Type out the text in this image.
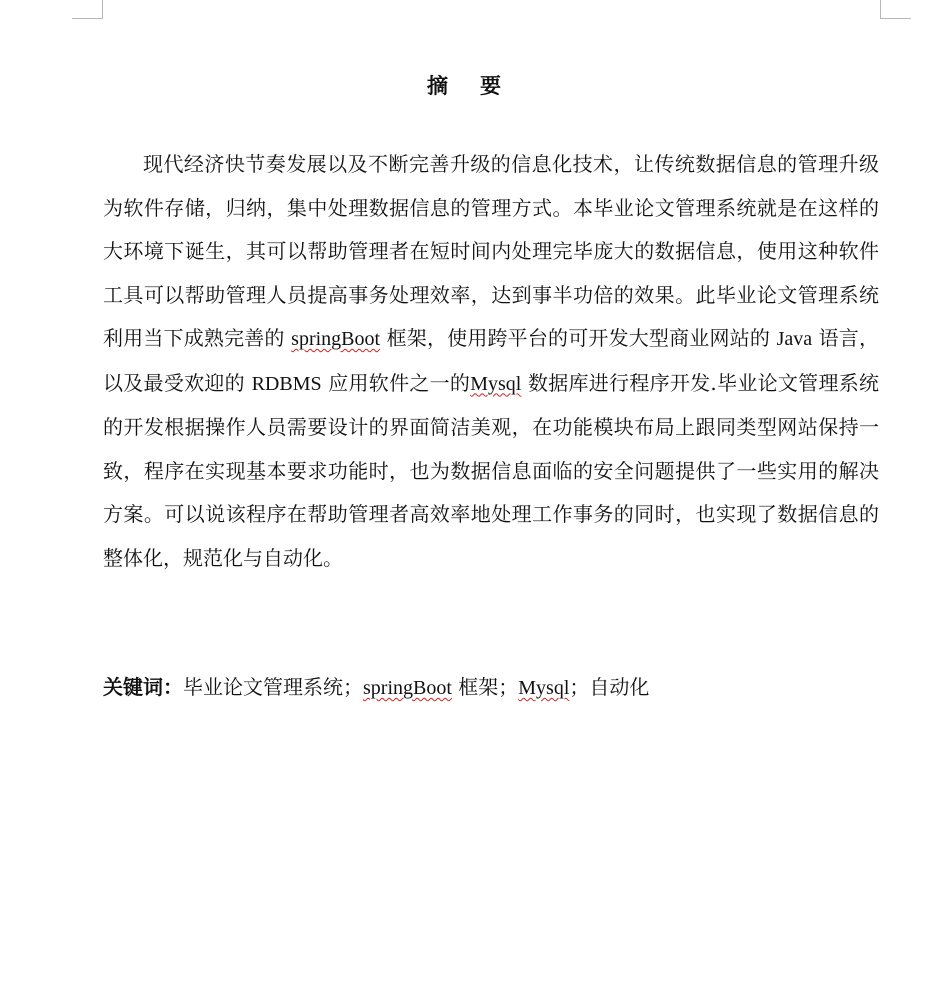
摘 要

现代经济快节奏发展以及不断完善升级的信息化技术，让传统数据信息的管理升级为软件存储，归纳，集中处理数据信息的管理方式。本毕业论文管理系统就是在这样的大环境下诞生，其可以帮助管理者在短时间内处理完毕庞大的数据信息，使用这种软件工具可以帮助管理人员提高事务处理效率，达到事半功倍的效果。此毕业论文管理系统利用当下成熟完善的 springBoot 框架，使用跨平台的可开发大型商业网站的 Java 语言， 以及最受欢迎的 RDBMS 应用软件之一的Mysql 数据库进行程序开发.毕业论文管理系统的开发根据操作人员需要设计的界面简洁美观，在功能模块布局上跟同类型网站保持一致，程序在实现基本要求功能时，也为数据信息面临的安全问题提供了一些实用的解决方案。可以说该程序在帮助管理者高效率地处理工作事务的同时，也实现了数据信息的整体化，规范化与自动化。

关键词：毕业论文管理系统；springBoot 框架；Mysql；自动化
